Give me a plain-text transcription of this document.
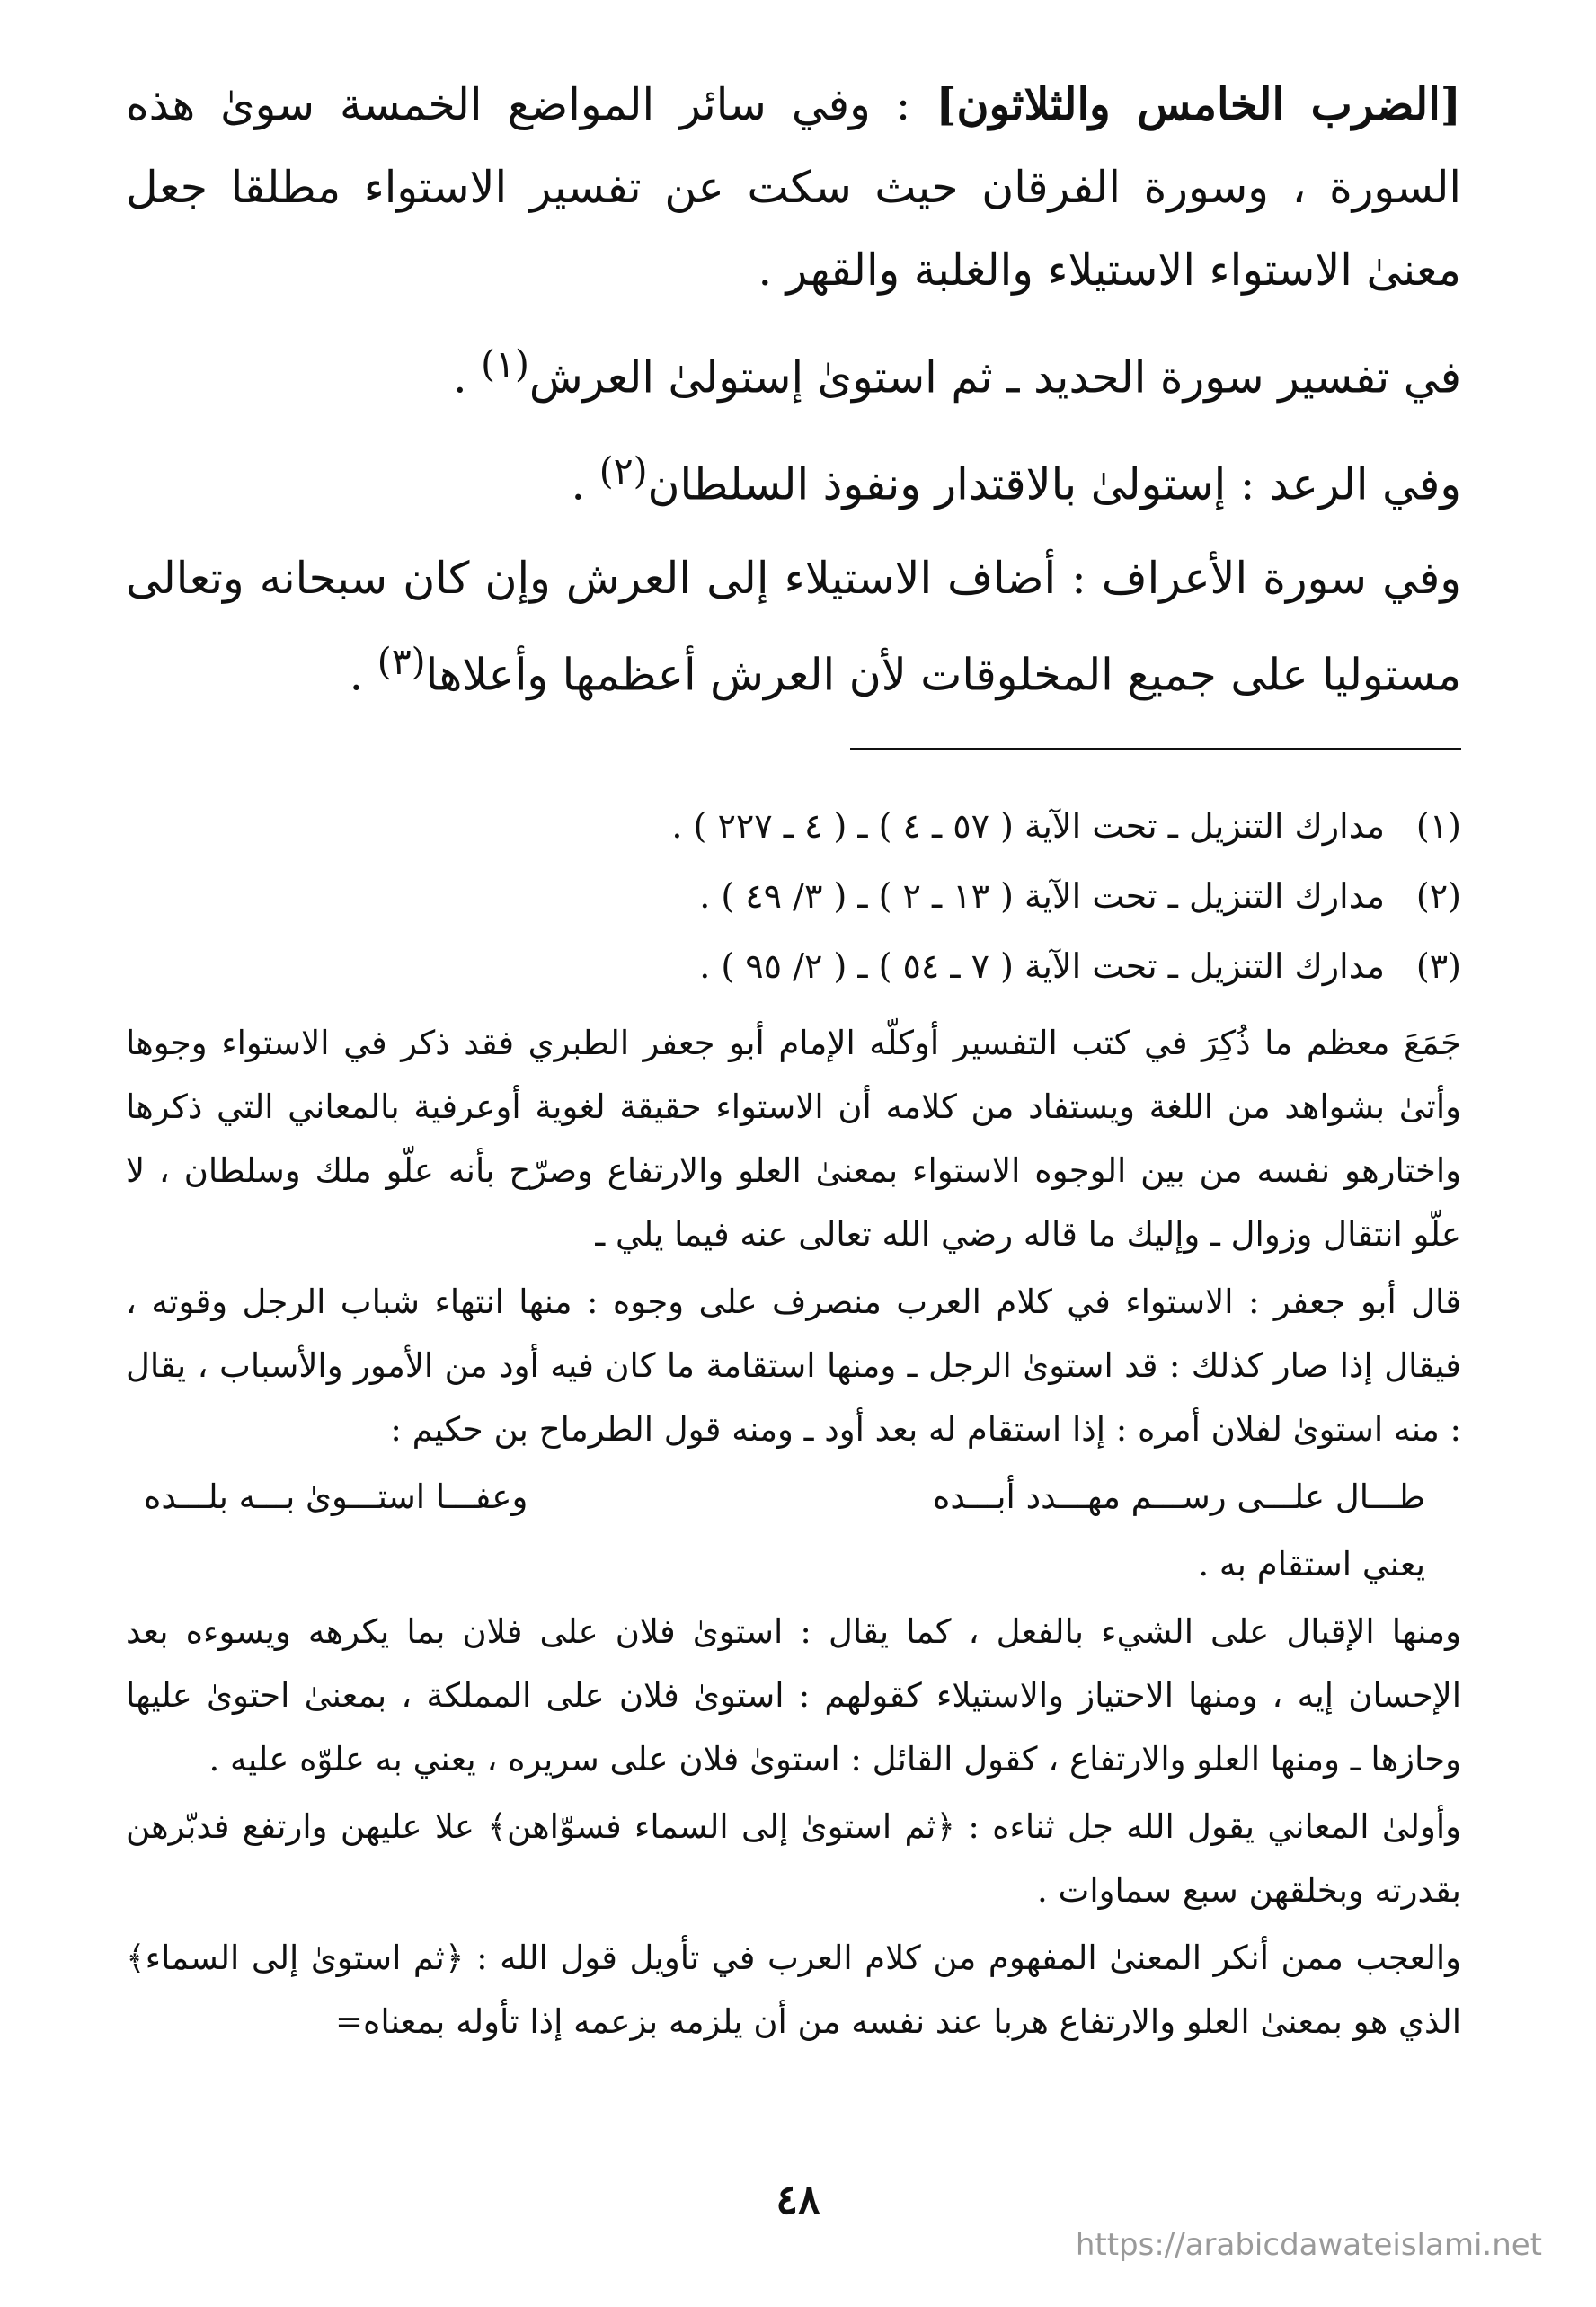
[الضرب الخامس والثلاثون] : وفي سائر المواضع الخمسة سوىٰ هذه السورة ، وسورة الفرقان حيث سكت عن تفسير الاستواء مطلقا جعل معنىٰ الاستواء الاستيلاء والغلبة والقهر .

في تفسير سورة الحديد ـ ثم استوىٰ إستولىٰ العرش$^{(١)}$ .

وفي الرعد : إستولىٰ بالاقتدار ونفوذ السلطان$^{(٢)}$ .

وفي سورة الأعراف : أضاف الاستيلاء إلى العرش وإن كان سبحانه وتعالى مستوليا على جميع المخلوقات لأن العرش أعظمها وأعلاها$^{(٣)}$ .

(١)
مدارك التنزيل ـ تحت الآية ( ٥٧ ـ ٤ ) ـ ( ٤ ـ ٢٢٧ ) .
(٢)
مدارك التنزيل ـ تحت الآية ( ١٣ ـ ٢ ) ـ ( ٣/ ٤٩ ) .
(٣)
مدارك التنزيل ـ تحت الآية ( ٧ ـ ٥٤ ) ـ ( ٢/ ٩٥ ) .

جَمَعَ معظم ما ذُكِرَ في كتب التفسير أوكلّه الإمام أبو جعفر الطبري فقد ذكر في الاستواء وجوها وأتىٰ بشواهد من اللغة ويستفاد من كلامه أن الاستواء حقيقة لغوية أوعرفية بالمعاني التي ذكرها واختارهو نفسه من بين الوجوه الاستواء بمعنىٰ العلو والارتفاع وصرّح بأنه علّو ملك وسلطان ، لا علّو انتقال وزوال ـ وإليك ما قاله رضي الله تعالى عنه فيما يلي ـ

قال أبو جعفر : الاستواء في كلام العرب منصرف على وجوه : منها انتهاء شباب الرجل وقوته ، فيقال إذا صار كذلك : قد استوىٰ الرجل ـ ومنها استقامة ما كان فيه أود من الأمور والأسباب ، يقال : منه استوىٰ لفلان أمره : إذا استقام له بعد أود ـ ومنه قول الطرماح بن حكيم :

طـــال علـــى رســـم مهـــدد أبـــده
وعفـــا استـــوىٰ بـــه بلـــده
يعني استقام به .

ومنها الإقبال على الشيء بالفعل ، كما يقال : استوىٰ فلان على فلان بما يكرهه ويسوءه بعد الإحسان إيه ، ومنها الاحتياز والاستيلاء كقولهم : استوىٰ فلان على المملكة ، بمعنىٰ احتوىٰ عليها وحازها ـ ومنها العلو والارتفاع ، كقول القائل : استوىٰ فلان على سريره ، يعني به علوّه عليه .

وأولىٰ المعاني يقول الله جل ثناءه : ﴿ثم استوىٰ إلى السماء فسوّاهن﴾ علا عليهن وارتفع فدبّرهن بقدرته وبخلقهن سبع سماوات .

والعجب ممن أنكر المعنىٰ المفهوم من كلام العرب في تأويل قول الله : ﴿ثم استوىٰ إلى السماء﴾ الذي هو بمعنىٰ العلو والارتفاع هربا عند نفسه من أن يلزمه بزعمه إذا تأوله بمعناه=

٤٨
https://arabicdawateislami.net
